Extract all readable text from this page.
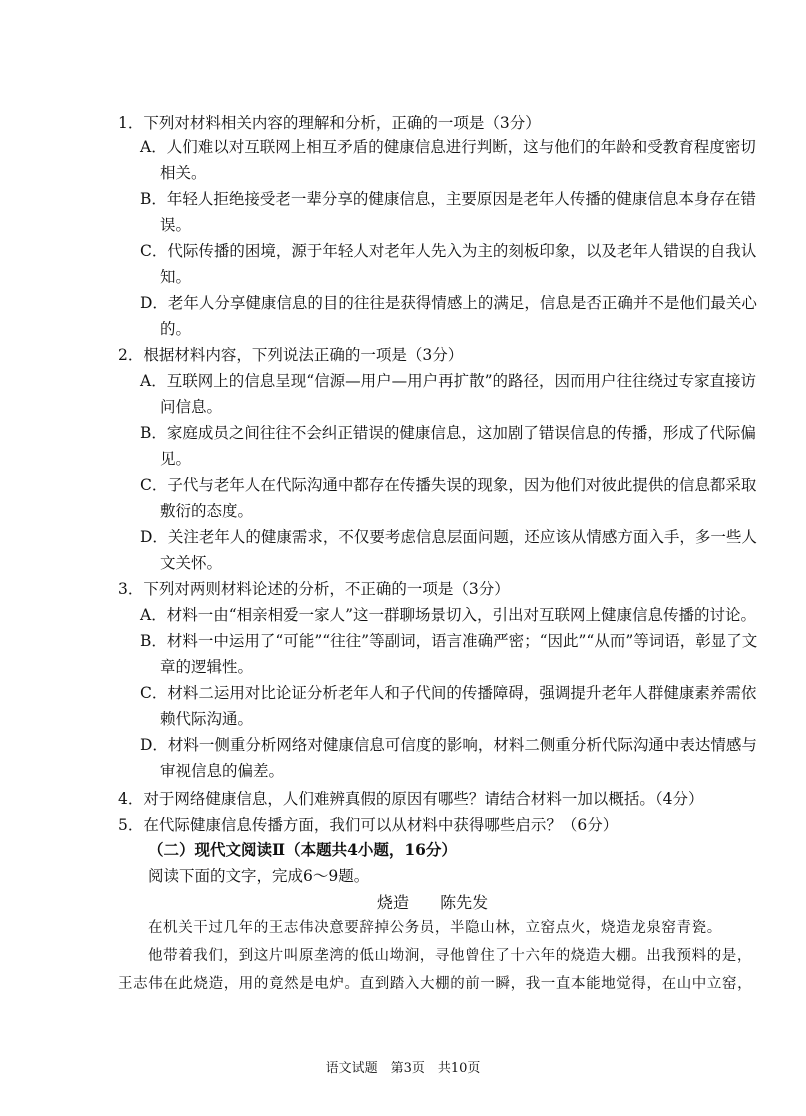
1．下列对材料相关内容的理解和分析，正确的一项是（3分）
A．人们难以对互联网上相互矛盾的健康信息进行判断，这与他们的年龄和受教育程度密切
相关。
B．年轻人拒绝接受老一辈分享的健康信息，主要原因是老年人传播的健康信息本身存在错
误。
C．代际传播的困境，源于年轻人对老年人先入为主的刻板印象，以及老年人错误的自我认
知。
D．老年人分享健康信息的目的往往是获得情感上的满足，信息是否正确并不是他们最关心
的。
2．根据材料内容，下列说法正确的一项是（3分）
A．互联网上的信息呈现“信源—用户—用户再扩散”的路径，因而用户往往绕过专家直接访
问信息。
B．家庭成员之间往往不会纠正错误的健康信息，这加剧了错误信息的传播，形成了代际偏
见。
C．子代与老年人在代际沟通中都存在传播失误的现象，因为他们对彼此提供的信息都采取
敷衍的态度。
D．关注老年人的健康需求，不仅要考虑信息层面问题，还应该从情感方面入手，多一些人
文关怀。
3．下列对两则材料论述的分析，不正确的一项是（3分）
A．材料一由“相亲相爱一家人”这一群聊场景切入，引出对互联网上健康信息传播的讨论。
B．材料一中运用了“可能”“往往”等副词，语言准确严密；“因此”“从而”等词语，彰显了文
章的逻辑性。
C．材料二运用对比论证分析老年人和子代间的传播障碍，强调提升老年人群健康素养需依
赖代际沟通。
D．材料一侧重分析网络对健康信息可信度的影响，材料二侧重分析代际沟通中表达情感与
审视信息的偏差。
4．对于网络健康信息，人们难辨真假的原因有哪些？请结合材料一加以概括。（4分）
5．在代际健康信息传播方面，我们可以从材料中获得哪些启示？（6分）
（二）现代文阅读Ⅱ（本题共4小题，16分）
阅读下面的文字，完成6～9题。
烧造 陈先发
在机关干过几年的王志伟决意要辞掉公务员，半隐山林，立窑点火，烧造龙泉窑青瓷。
他带着我们，到这片叫原垄湾的低山坳涧，寻他曾住了十六年的烧造大棚。出我预料的是，
王志伟在此烧造，用的竟然是电炉。直到踏入大棚的前一瞬，我一直本能地觉得，在山中立窑，
语文试题　第3页　共10页
